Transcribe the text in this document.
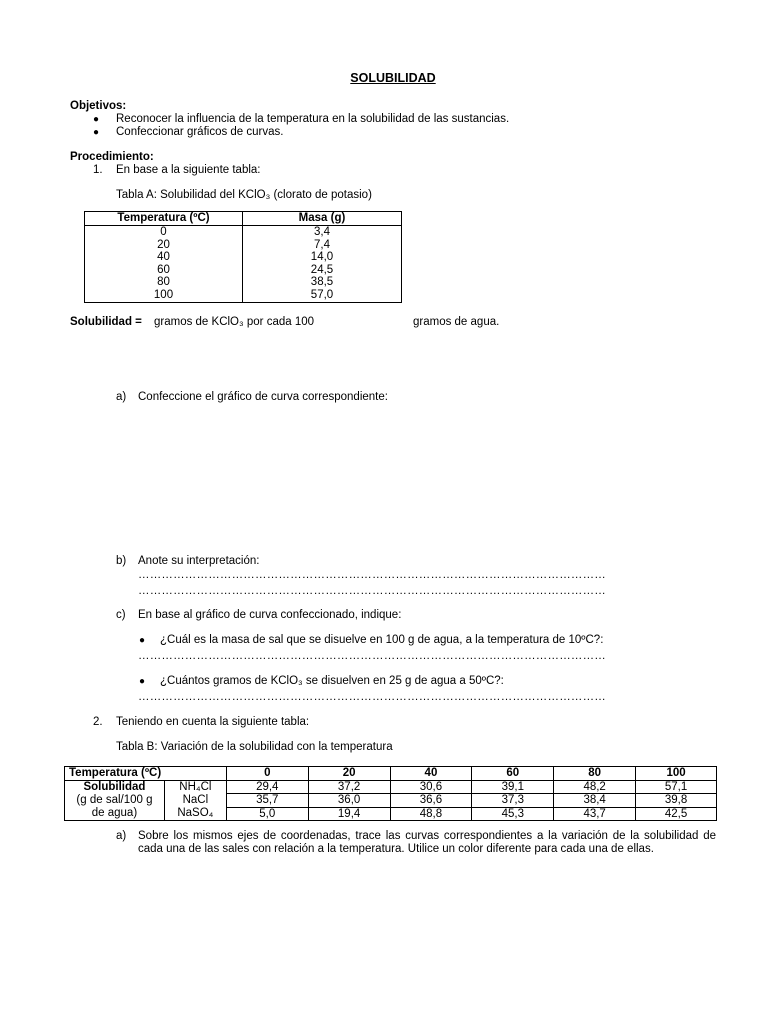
SOLUBILIDAD
Objetivos:
● Reconocer la influencia de la temperatura en la solubilidad de las sustancias.
● Confeccionar gráficos de curvas.
Procedimiento:
1. En base a la siguiente tabla:
Tabla A: Solubilidad del KClO₃ (clorato de potasio)
Temperatura (ºC)	Masa (g)
0	3,4
20	7,4
40	14,0
60	24,5
80	38,5
100	57,0
Solubilidad = gramos de KClO₃ por cada 100	gramos de agua.
a) Confeccione el gráfico de curva correspondiente:
b) Anote su interpretación:
…………………………………………………………………………………………………………
…………………………………………………………………………………………………………
c) En base al gráfico de curva confeccionado, indique:
● ¿Cuál es la masa de sal que se disuelve en 100 g de agua, a la temperatura de 10ºC?:
…………………………………………………………………………………………………………
● ¿Cuántos gramos de KClO₃ se disuelven en 25 g de agua a 50ºC?:
…………………………………………………………………………………………………………
2. Teniendo en cuenta la siguiente tabla:
Tabla B: Variación de la solubilidad con la temperatura
Temperatura (ºC)		0	20	40	60	80	100
Solubilidad	NH₄Cl	29,4	37,2	30,6	39,1	48,2	57,1
(g de sal/100 g	NaCl	35,7	36,0	36,6	37,3	38,4	39,8
de agua)	NaSO₄	5,0	19,4	48,8	45,3	43,7	42,5
a) Sobre los mismos ejes de coordenadas, trace las curvas correspondientes a la variación de la solubilidad de cada una de las sales con relación a la temperatura. Utilice un color diferente para cada una de ellas.
